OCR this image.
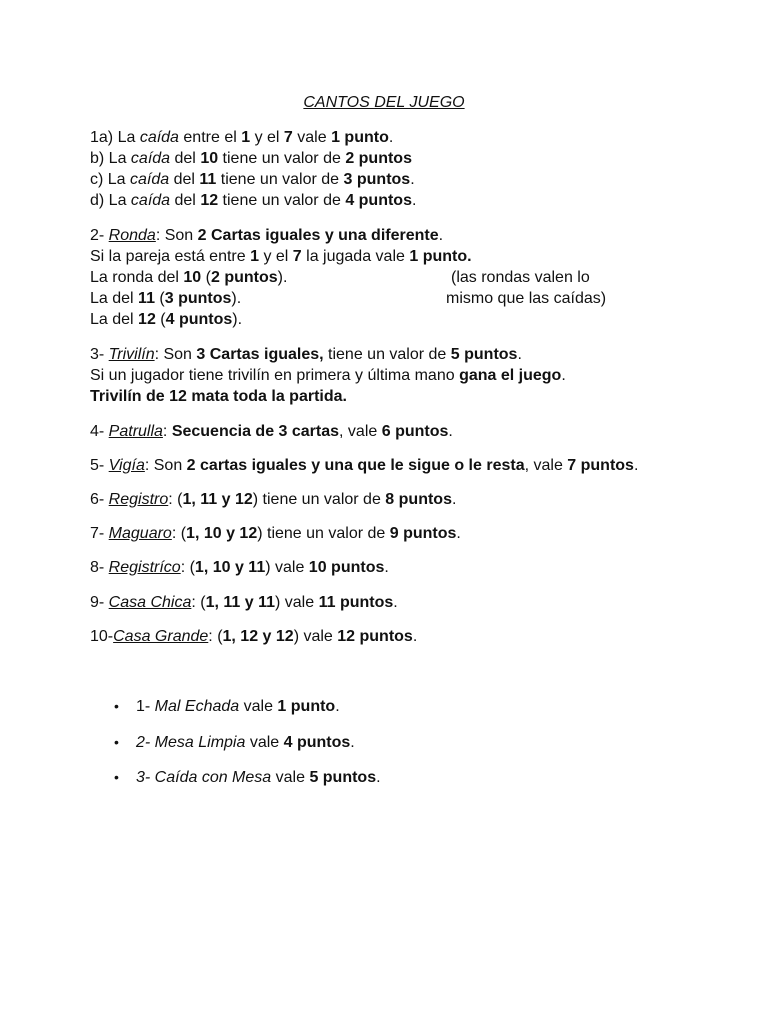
CANTOS DEL JUEGO
1a) La caída entre el 1 y el 7 vale 1 punto.
b) La caída del 10 tiene un valor de 2 puntos
c) La caída del 11 tiene un valor de 3 puntos.
d) La caída del 12 tiene un valor de 4 puntos.
2- Ronda: Son 2 Cartas iguales y una diferente.
Si la pareja está entre 1 y el 7 la jugada vale 1 punto.
La ronda del 10 (2 puntos).
La del 11 (3 puntos).
La del 12 (4 puntos).
(las rondas valen lo
mismo que las caídas)
3- Trivilín: Son 3 Cartas iguales, tiene un valor de 5 puntos.
Si un jugador tiene trivilín en primera y última mano gana el juego.
Trivilín de 12 mata toda la partida.
4- Patrulla: Secuencia de 3 cartas, vale 6 puntos.
5- Vigía: Son 2 cartas iguales y una que le sigue o le resta, vale 7 puntos.
6- Registro: (1, 11 y 12) tiene un valor de 8 puntos.
7- Maguaro: (1, 10 y 12) tiene un valor de 9 puntos.
8- Registríco: (1, 10 y 11) vale 10 puntos.
9- Casa Chica: (1, 11 y 11) vale 11 puntos.
10-Casa Grande: (1, 12 y 12) vale 12 puntos.
• 1- Mal Echada vale 1 punto.
• 2- Mesa Limpia vale 4 puntos.
• 3- Caída con Mesa vale 5 puntos.
